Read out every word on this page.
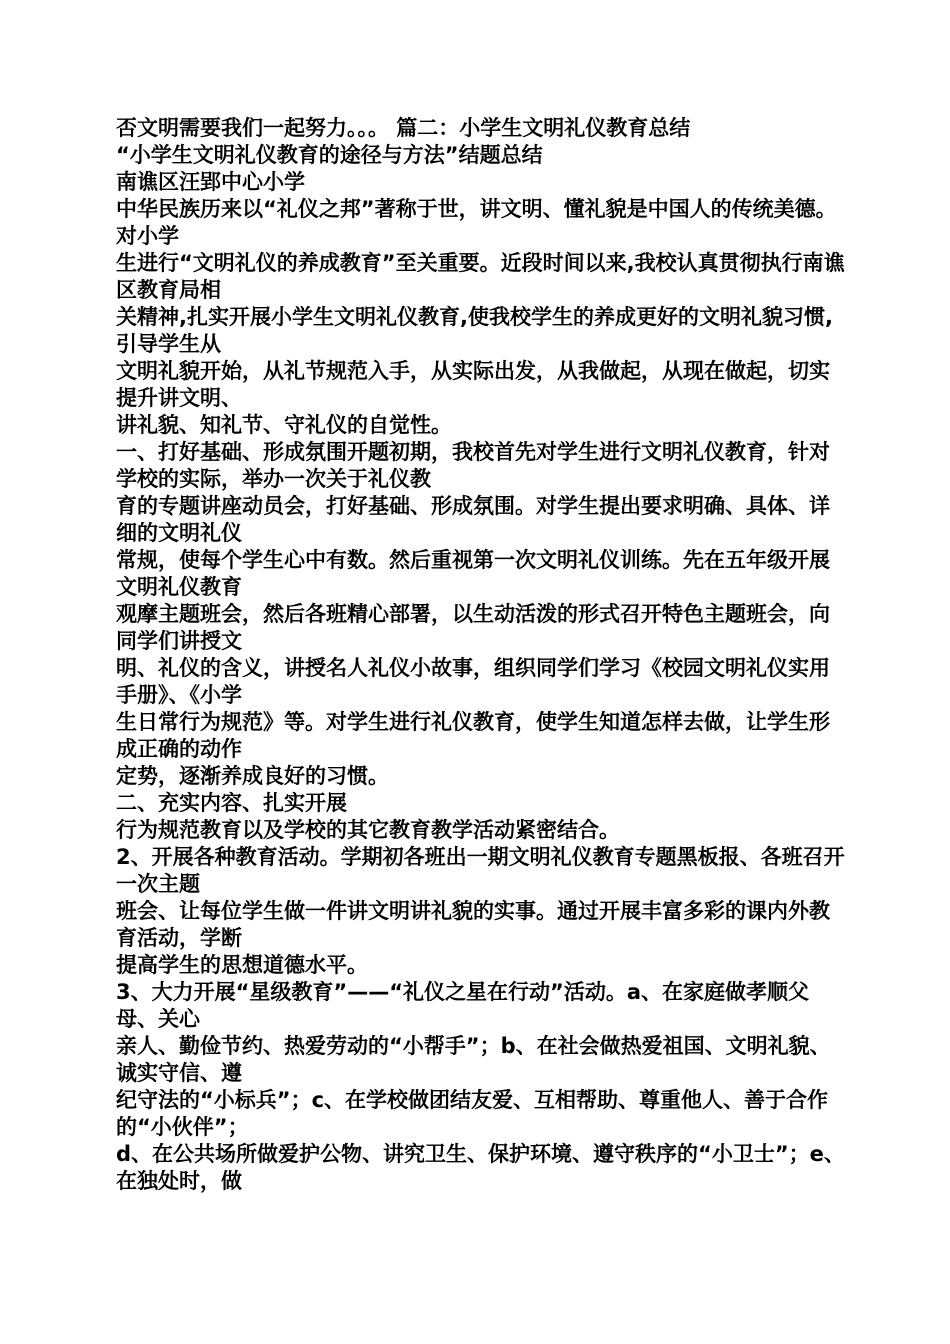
否文明需要我们一起努力。。。 篇二：小学生文明礼仪教育总结

“小学生文明礼仪教育的途径与方法”结题总结

南谯区汪郢中心小学

中华民族历来以“礼仪之邦”著称于世，讲文明、懂礼貌是中国人的传统美德。对小学

生进行“文明礼仪的养成教育”至关重要。近段时间以来,我校认真贯彻执行南谯区教育局相

关精神,扎实开展小学生文明礼仪教育,使我校学生的养成更好的文明礼貌习惯, 引导学生从

文明礼貌开始，从礼节规范入手，从实际出发，从我做起，从现在做起，切实提升讲文明、

讲礼貌、知礼节、守礼仪的自觉性。

一、打好基础、形成氛围开题初期，我校首先对学生进行文明礼仪教育，针对学校的实际，举办一次关于礼仪教

育的专题讲座动员会，打好基础、形成氛围。对学生提出要求明确、具体、详细的文明礼仪

常规，使每个学生心中有数。然后重视第一次文明礼仪训练。先在五年级开展文明礼仪教育

观摩主题班会，然后各班精心部署，以生动活泼的形式召开特色主题班会，向同学们讲授文

明、礼仪的含义，讲授名人礼仪小故事，组织同学们学习《校园文明礼仪实用手册》、《小学

生日常行为规范》等。对学生进行礼仪教育，使学生知道怎样去做，让学生形成正确的动作

定势，逐渐养成良好的习惯。

二、充实内容、扎实开展

行为规范教育以及学校的其它教育教学活动紧密结合。

2、开展各种教育活动。学期初各班出一期文明礼仪教育专题黑板报、各班召开一次主题

班会、让每位学生做一件讲文明讲礼貌的实事。通过开展丰富多彩的课内外教育活动，学断

提高学生的思想道德水平。

3、大力开展“星级教育”——“礼仪之星在行动”活动。a、在家庭做孝顺父母、关心

亲人、勤俭节约、热爱劳动的“小帮手”；b、在社会做热爱祖国、文明礼貌、诚实守信、遵

纪守法的“小标兵”；c、在学校做团结友爱、互相帮助、尊重他人、善于合作的“小伙伴”；

d、在公共场所做爱护公物、讲究卫生、保护环境、遵守秩序的“小卫士”；e、在独处时，做
